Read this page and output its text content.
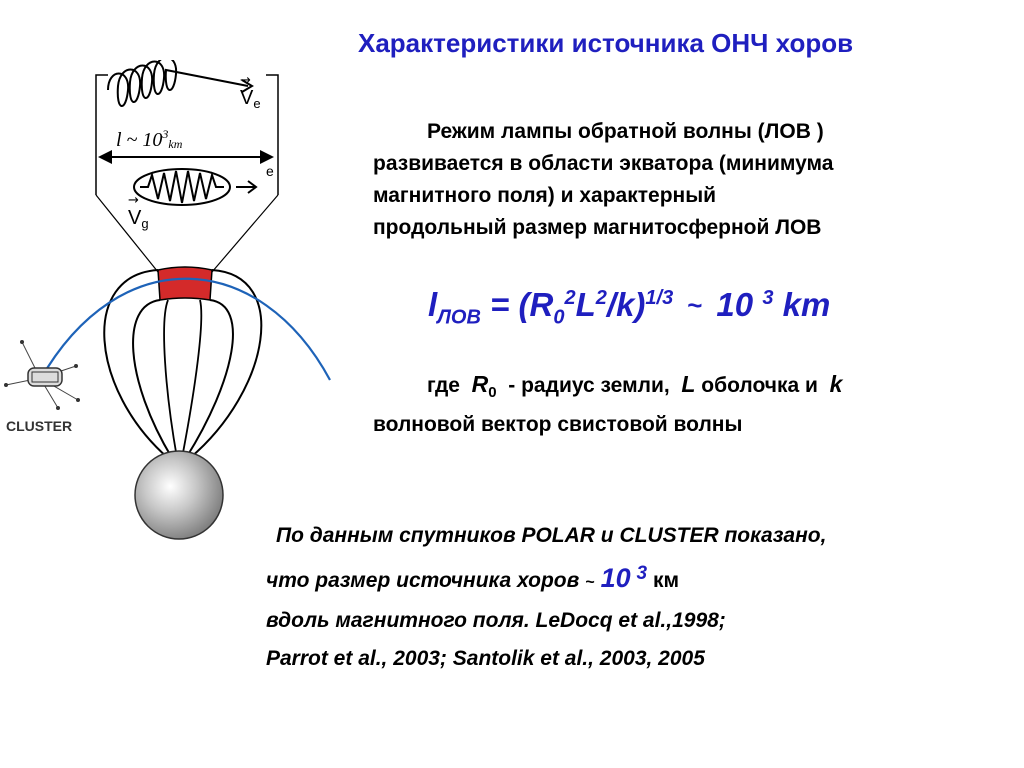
Характеристики источника ОНЧ хоров
$V_e$
→
l ~ $10^3_{km}$
e
→
$V_g$
CLUSTER
Режим лампы обратной волны (ЛОВ )
развивается в области экватора (минимума
магнитного поля) и характерный
продольный размер магнитосферной ЛОВ
$l_{ЛОВ} = (R_0^2L^2/k)^{1/3}$ ~ 10 $^3$ km
где $R_0$ - радиус земли, L оболочка и k
волновой вектор свистовой волны
По данным спутников POLAR и CLUSTER показано,
что размер источника хоров ~ 10 $^3$ км
вдоль магнитного поля. LeDocq et al.,1998;
Parrot et al., 2003; Santolik et al., 2003, 2005
